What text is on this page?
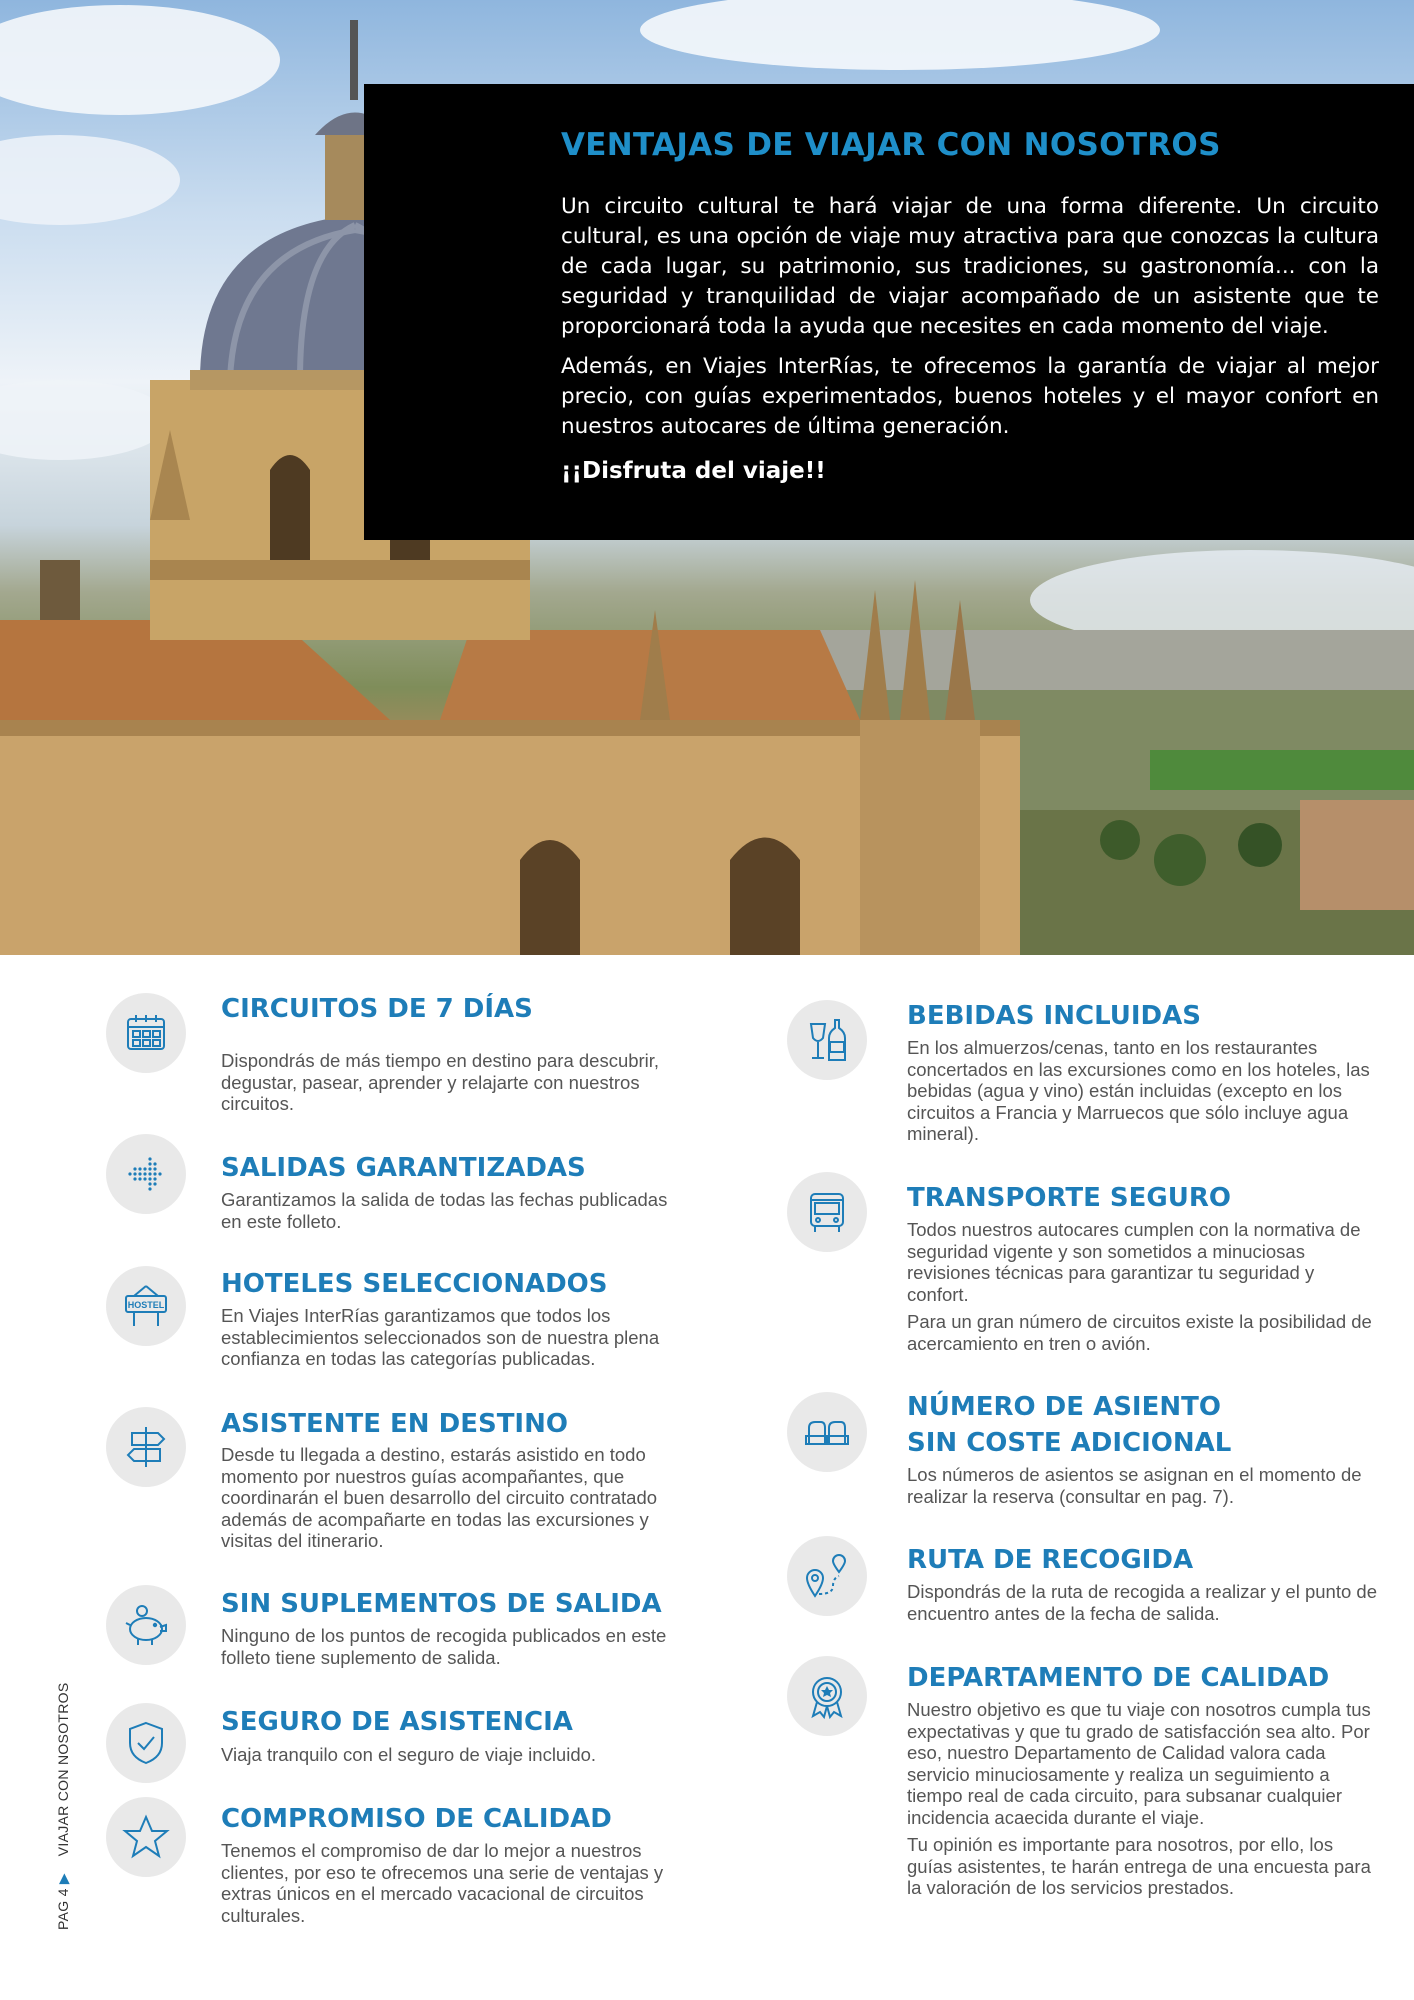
VENTAJAS DE VIAJAR CON NOSOTROS

Un circuito cultural te hará viajar de una forma diferente. Un circuito cultural, es una opción de viaje muy atractiva para que conozcas la cultura de cada lugar, su patrimonio, sus tradiciones, su gastronomía... con la seguridad y tranquilidad de viajar acompañado de un asistente que te proporcionará toda la ayuda que necesites en cada momento del viaje.

Además, en Viajes InterRías, te ofrecemos la garantía de viajar al mejor precio, con guías experimentados, buenos hoteles y el mayor confort en nuestros autocares de última generación.

¡¡Disfruta del viaje!!
CIRCUITOS DE 7 DÍAS
Dispondrás de más tiempo en destino para descubrir, degustar, pasear, aprender y relajarte con nuestros circuitos.
SALIDAS GARANTIZADAS
Garantizamos la salida de todas las fechas publicadas en este folleto.
HOSTEL
HOTELES SELECCIONADOS
En Viajes InterRías garantizamos que todos los establecimientos seleccionados son de nuestra plena confianza en todas las categorías publicadas.
ASISTENTE EN DESTINO
Desde tu llegada a destino, estarás asistido en todo momento por nuestros guías acompañantes, que coordinarán el buen desarrollo del circuito contratado además de acompañarte en todas las excursiones y visitas del itinerario.
SIN SUPLEMENTOS DE SALIDA
Ninguno de los puntos de recogida publicados en este folleto tiene suplemento de salida.
SEGURO DE ASISTENCIA
Viaja tranquilo con el seguro de viaje incluido.
COMPROMISO DE CALIDAD
Tenemos el compromiso de dar lo mejor a nuestros clientes, por eso te ofrecemos una serie de ventajas y extras únicos en el mercado vacacional de circuitos culturales.
BEBIDAS INCLUIDAS
En los almuerzos/cenas, tanto en los restaurantes concertados en las excursiones como en los hoteles, las bebidas (agua y vino) están incluidas (excepto en los circuitos a Francia y Marruecos que sólo incluye agua mineral).
TRANSPORTE SEGURO

Todos nuestros autocares cumplen con la normativa de seguridad vigente y son sometidos a minuciosas revisiones técnicas para garantizar tu seguridad y confort.

Para un gran número de circuitos existe la posibilidad de acercamiento en tren o avión.

NÚMERO DE ASIENTO
SIN COSTE ADICIONAL
Los números de asientos se asignan en el momento de realizar la reserva (consultar en pag. 7).
RUTA DE RECOGIDA
Dispondrás de la ruta de recogida a realizar y el punto de encuentro antes de la fecha de salida.
DEPARTAMENTO DE CALIDAD

Nuestro objetivo es que tu viaje con nosotros cumpla tus expectativas y que tu grado de satisfacción sea alto. Por eso, nuestro Departamento de Calidad valora cada servicio minuciosamente y realiza un seguimiento a tiempo real de cada circuito, para subsanar cualquier incidencia acaecida durante el viaje.

Tu opinión es importante para nosotros, por ello, los guías asistentes, te harán entrega de una encuesta para la valoración de los servicios prestados.

PAG 4 ▶    VIAJAR CON NOSOTROS
